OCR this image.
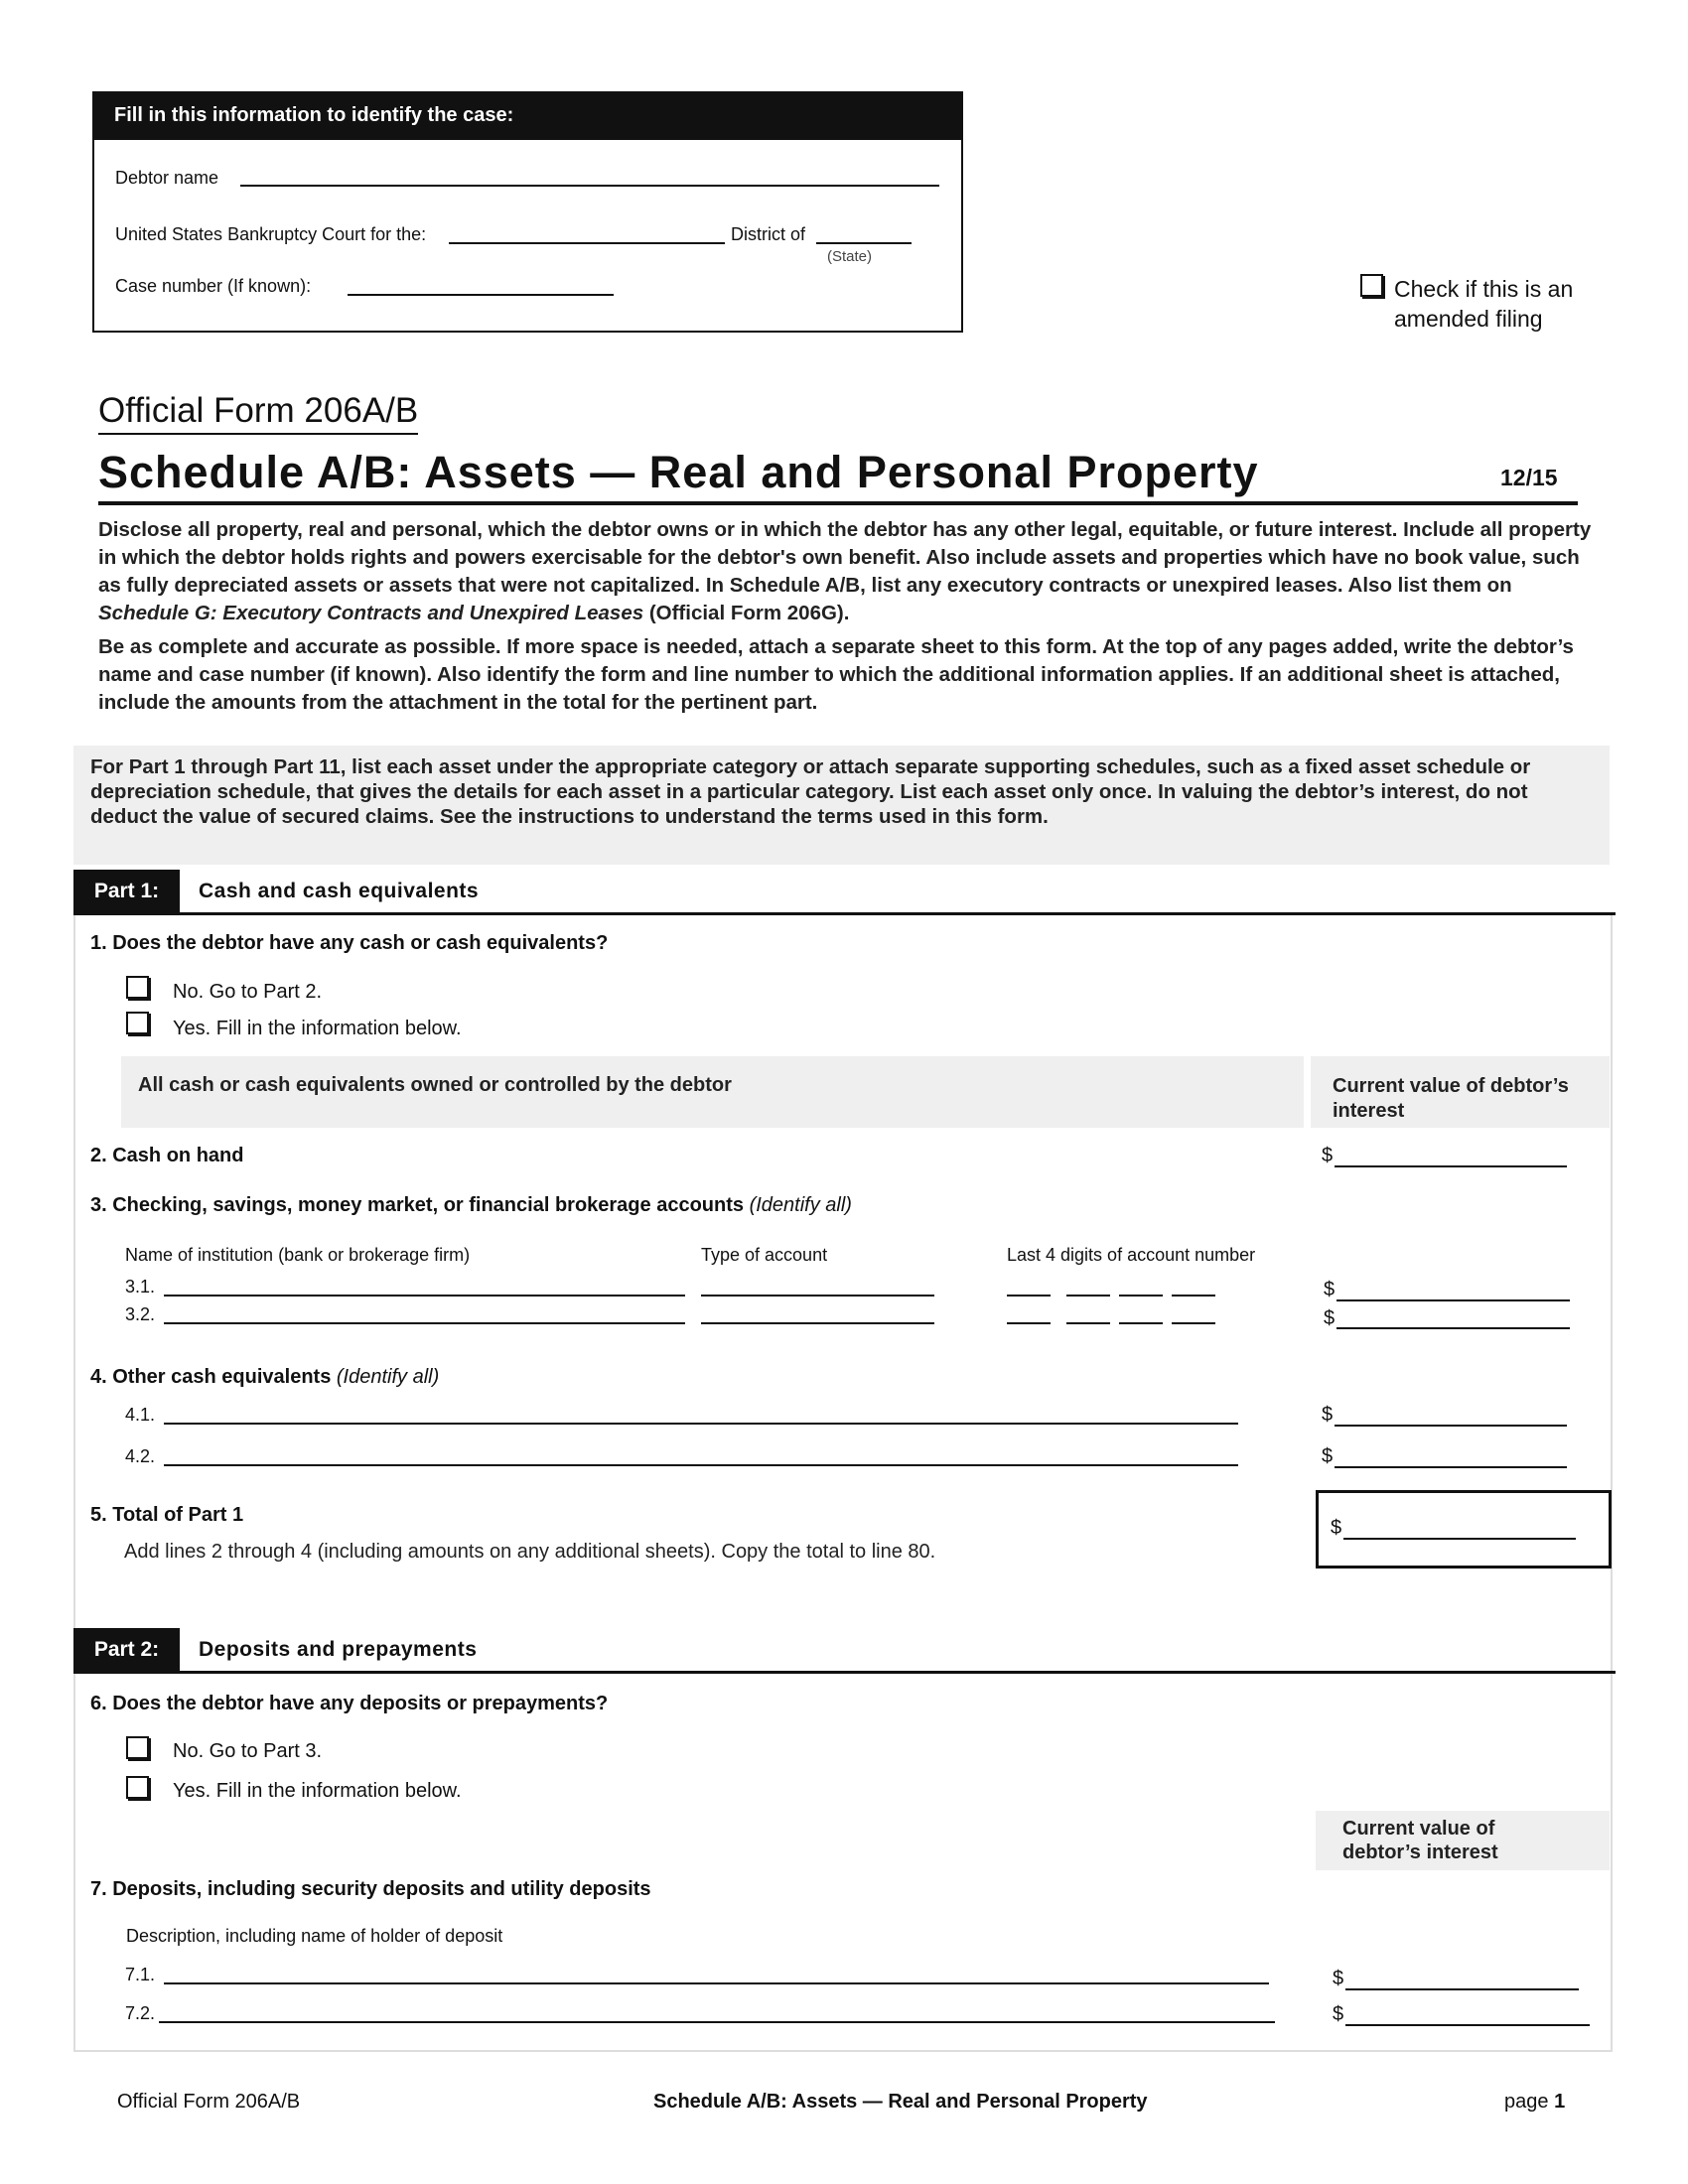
Fill in this information to identify the case:
Debtor name
United States Bankruptcy Court for the:	District of
(State)
Case number (If known):	Check if this is an
amended filing
Official Form 206A/B
Schedule A/B: Assets — Real and Personal Property	12/15
Disclose all property, real and personal, which the debtor owns or in which the debtor has any other legal, equitable, or future interest. Include all property in which the debtor holds rights and powers exercisable for the debtor's own benefit. Also include assets and properties which have no book value, such as fully depreciated assets or assets that were not capitalized. In Schedule A/B, list any executory contracts or unexpired leases. Also list them on Schedule G: Executory Contracts and Unexpired Leases (Official Form 206G).
Be as complete and accurate as possible. If more space is needed, attach a separate sheet to this form. At the top of any pages added, write the debtor’s name and case number (if known). Also identify the form and line number to which the additional information applies. If an additional sheet is attached, include the amounts from the attachment in the total for the pertinent part.
For Part 1 through Part 11, list each asset under the appropriate category or attach separate supporting schedules, such as a fixed asset schedule or depreciation schedule, that gives the details for each asset in a particular category. List each asset only once. In valuing the debtor’s interest, do not deduct the value of secured claims. See the instructions to understand the terms used in this form.
Part 1:	Cash and cash equivalents
1. Does the debtor have any cash or cash equivalents?
No. Go to Part 2.
Yes. Fill in the information below.
All cash or cash equivalents owned or controlled by the debtor	Current value of debtor’s interest
2. Cash on hand	$
3. Checking, savings, money market, or financial brokerage accounts (Identify all)
Name of institution (bank or brokerage firm)	Type of account	Last 4 digits of account number
3.1.	$
3.2.	$
4. Other cash equivalents (Identify all)
4.1.	$
4.2.	$
5. Total of Part 1
Add lines 2 through 4 (including amounts on any additional sheets). Copy the total to line 80.
$
Part 2:	Deposits and prepayments
6. Does the debtor have any deposits or prepayments?
No. Go to Part 3.
Yes. Fill in the information below.
Current value of debtor’s interest
7. Deposits, including security deposits and utility deposits
Description, including name of holder of deposit
7.1.	$
7.2.	$
Official Form 206A/B	Schedule A/B: Assets — Real and Personal Property	page 1
